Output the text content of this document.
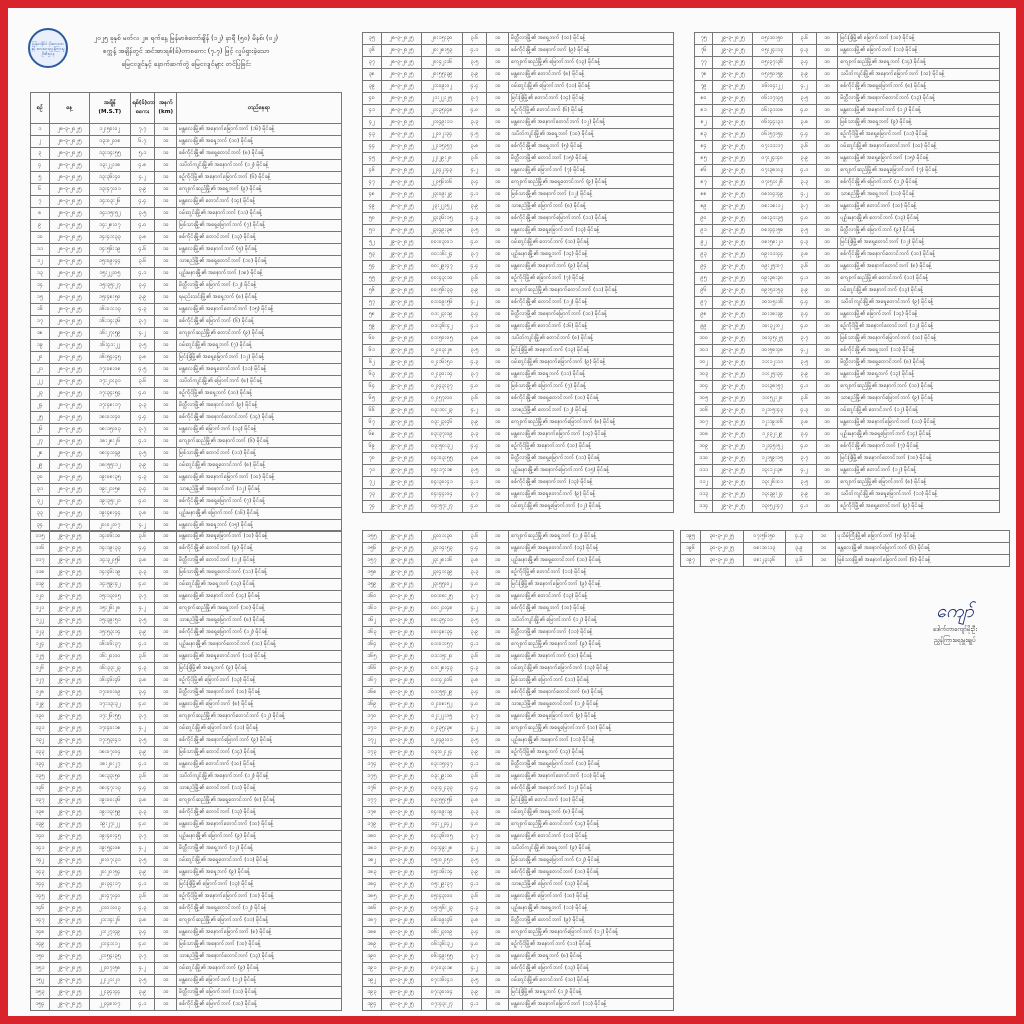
မြန်မာနိုင်ငံ မိုးလေဝသနှင့် ဇလဗေဒညွှန်ကြားမှုဦးစီးဌာန
၂၀၂၅ ခုနှစ် မတ်လ ၂၈ ရက်နေ့ မြန်မာစံတော်ချိန် (၁၂) နာရီ (၅၀) မိနစ်၊ (၀၂)
စက္ကန့် အချိန်တွင် အင်အားရစ်(ခ်)တာစကေး (၇.၇) ဖြင့် လှုပ်ရှားခဲ့သော
မြေငလျင်နှင့် နောက်ဆက်တွဲ မြေငလျင်များ တင်ပြခြင်း
စဉ်	နေ့	အချိန် (M.S.T)	ရစ်(ခ်)တာ စကေး	အနက် (km)	တည်နေရာ
၁	၂၈-၃-၂၀၂၅	၁၂:၅၀:၀၂	၇.၇	၁၀	မန္တလေးမြို့၏ အနောက်မြောက်ဘက် (၁၆) မိုင်ခန့်
၂	၂၈-၃-၂၀၂၅	၁၃:၀၂:၀၈	၆.၇	၁၀	မန္တလေးမြို့၏ အရှေ့ဘက် (၁၀) မိုင်ခန့်
၃	၂၈-၃-၂၀၂၅	၁၃:၁၄:၅၅	၅.၁	၁၀	စစ်ကိုင်းမြို့၏ အရှေ့တောင်ဘက် (၈) မိုင်ခန့်
၄	၂၈-၃-၂၀၂၅	၁၃:၂၂:၁၈	၄.၈	၁၀	သပိတ်ကျင်းမြို့၏ အနောက်ဘက် (၁၂) မိုင်ခန့်
၅	၂၈-၃-၂၀၂၅	၁၃:၃၆:၄၀	၄.၂	၁၀	စဉ့်ကိုင်မြို့၏ အနောက်မြောက်ဘက် (၆) မိုင်ခန့်
၆	၂၈-၃-၂၀၂၅	၁၃:၄၇:၀၁	၃.၉	၁၀	ကျောက်ဆည်မြို့၏ အရှေ့ဘက် (၉) မိုင်ခန့်
၇	၂၈-၃-၂၀၂၅	၁၄:၀၃:၂၆	၄.၄	၁၀	မန္တလေးမြို့၏ တောင်ဘက် (၁၄) မိုင်ခန့်
၈	၂၈-၃-၂၀၂၅	၁၄:၁၅:၅၂	၃.၅	၁၀	ဝမ်းတွင်းမြို့၏ အနောက်ဘက် (၁၁) မိုင်ခန့်
၉	၂၈-၃-၂၀၂၅	၁၄:၂၈:၀၇	၄.၀	၁၀	မြစ်သားမြို့၏ အရှေ့မြောက်ဘက် (၇) မိုင်ခန့်
၁၀	၂၈-၃-၂၀၂၅	၁၄:၄၁:၃၃	၃.၈	၁၀	စစ်ကိုင်းမြို့၏ တောင်ဘက် (၁၃) မိုင်ခန့်
၁၁	၂၈-၃-၂၀၂၅	၁၄:၅၆:၁၉	၄.၆	၁၀	မန္တလေးမြို့၏ အနောက်ဘက် (၅) မိုင်ခန့်
၁၂	၂၈-၃-၂၀၂၅	၁၅:၀၉:၄၄	၃.၆	၁၀	သာစည်မြို့၏ အရှေ့တောင်ဘက် (၁၀) မိုင်ခန့်
၁၃	၂၈-၃-၂၀၂၅	၁၅:၂၂:၀၅	၄.၁	၁၀	ပျဉ်းမနားမြို့၏ အနောက်ဘက် (၁၈) မိုင်ခန့်
၁၄	၂၈-၃-၂၀၂၅	၁၅:၃၅:၂၇	၃.၄	၁၀	မိတ္ထီလာမြို့၏ မြောက်ဘက် (၁၂) မိုင်ခန့်
၁၅	၂၈-၃-၂၀၂၅	၁၅:၄၈:၅၀	၃.၉	၁၀	ရမည်းသင်းမြို့၏ အရှေ့ဘက် (၈) မိုင်ခန့်
၁၆	၂၈-၃-၂၀၂၅	၁၆:၀၁:၁၃	၄.၃	၁၀	မန္တလေးမြို့၏ အနောက်တောင်ဘက် (၁၅) မိုင်ခန့်
၁၇	၂၈-၃-၂၀၂၅	၁၆:၁၄:၃၆	၃.၇	၁၀	စစ်ကိုင်းမြို့၏ မြောက်ဘက် (၆) မိုင်ခန့်
၁၈	၂၈-၃-၂၀၂၅	၁၆:၂၇:၅၉	၄.၂	၁၀	ကျောက်ဆည်မြို့၏ တောင်ဘက် (၉) မိုင်ခန့်
၁၉	၂၈-၃-၂၀၂၅	၁၆:၄၁:၂၂	၃.၅	၁၀	ဝမ်းတွင်းမြို့၏ အရှေ့ဘက် (၇) မိုင်ခန့်
၂၀	၂၈-၃-၂၀၂၅	၁၆:၅၄:၄၅	၃.၈	၁၀	မြင်းခြံမြို့၏ အရှေ့မြောက်ဘက် (၁၂) မိုင်ခန့်
၂၁	၂၈-၃-၂၀၂၅	၁၇:၀၈:၀၈	၄.၅	၁၀	မန္တလေးမြို့၏ အရှေ့တောင်ဘက် (၁၁) မိုင်ခန့်
၂၂	၂၈-၃-၂၀၂၅	၁၇:၂၁:၃၁	၃.၆	၁၀	သပိတ်ကျင်းမြို့၏ မြောက်ဘက် (၈) မိုင်ခန့်
၂၃	၂၈-၃-၂၀၂၅	၁၇:၃၄:၅၄	၄.၀	၁၀	စဉ့်ကိုင်မြို့၏ အရှေ့ဘက် (၁၀) မိုင်ခန့်
၂၄	၂၈-၃-၂၀၂၅	၁၇:၄၈:၁၇	၃.၃	၁၀	မိတ္ထီလာမြို့၏ အနောက်ဘက် (၉) မိုင်ခန့်
၂၅	၂၈-၃-၂၀၂၅	၁၈:၀၁:၄၀	၄.၄	၁၀	စစ်ကိုင်းမြို့၏ အနောက်တောင်ဘက် (၁၄) မိုင်ခန့်
၂၆	၂၈-၃-၂၀၂၅	၁၈:၁၅:၀၃	၃.၇	၁၀	မန္တလေးမြို့၏ မြောက်ဘက် (၁၃) မိုင်ခန့်
၂၇	၂၈-၃-၂၀၂၅	၁၈:၂၈:၂၆	၄.၁	၁၀	ကျောက်ဆည်မြို့၏ အနောက်ဘက် (၆) မိုင်ခန့်
၂၈	၂၈-၃-၂၀၂၅	၁၈:၄၁:၄၉	၃.၅	၁၀	မြစ်သားမြို့၏ တောင်ဘက် (၁၁) မိုင်ခန့်
၂၉	၂၈-၃-၂၀၂၅	၁၈:၅၅:၁၂	၃.၉	၁၀	ဝမ်းတွင်းမြို့၏ အရှေ့တောင်ဘက် (၈) မိုင်ခန့်
၃၀	၂၈-၃-၂၀၂၅	၁၉:၀၈:၃၅	၄.၃	၁၀	မန္တလေးမြို့၏ အနောက်မြောက်ဘက် (၁၀) မိုင်ခန့်
၃၁	၂၈-၃-၂၀၂၅	၁၉:၂၁:၅၈	၃.၄	၁၀	သာစည်မြို့၏ အနောက်ဘက် (၁၂) မိုင်ခန့်
၃၂	၂၈-၃-၂၀၂၅	၁၉:၃၅:၂၁	၄.၀	၁၀	စစ်ကိုင်းမြို့၏ အရှေ့မြောက်ဘက် (၇) မိုင်ခန့်
၃၃	၂၈-၃-၂၀၂၅	၁၉:၄၈:၄၄	၃.၈	၁၀	ပျဉ်းမနားမြို့၏ မြောက်ဘက် (၁၆) မိုင်ခန့်
၃၄	၂၈-၃-၂၀၂၅	၂၀:၀၂:၀၇	၄.၂	၁၀	မန္တလေးမြို့၏ အရှေ့ဘက် (၁၅) မိုင်ခန့်
၃၅	၂၈-၃-၂၀၂၅	၂၀:၁၅:၃၀	၃.၆	၁၀	မိတ္ထီလာမြို့၏ အရှေ့ဘက် (၁၀) မိုင်ခန့်
၃၆	၂၈-၃-၂၀၂၅	၂၀:၂၈:၅၃	၄.၁	၁၀	စစ်ကိုင်းမြို့၏ အနောက်ဘက် (၉) မိုင်ခန့်
၃၇	၂၈-၃-၂၀၂၅	၂၀:၄၂:၁၆	၃.၅	၁၀	ကျောက်ဆည်မြို့၏ မြောက်ဘက် (၁၃) မိုင်ခန့်
၃၈	၂၈-၃-၂၀၂၅	၂၀:၅၅:၃၉	၃.၉	၁၀	မန္တလေးမြို့၏ တောင်ဘက် (၈) မိုင်ခန့်
၃၉	၂၈-၃-၂၀၂၅	၂၁:၀၉:၀၂	၄.၄	၁၀	ဝမ်းတွင်းမြို့၏ မြောက်ဘက် (၁၁) မိုင်ခန့်
၄၀	၂၈-၃-၂၀၂၅	၂၁:၂၂:၂၅	၃.၇	၁၀	မြင်းခြံမြို့၏ တောင်ဘက် (၁၄) မိုင်ခန့်
၄၁	၂၈-၃-၂၀၂၅	၂၁:၃၅:၄၈	၄.၀	၁၀	စဉ့်ကိုင်မြို့၏ တောင်ဘက် (၆) မိုင်ခန့်
၄၂	၂၈-၃-၂၀၂၅	၂၁:၄၉:၁၁	၃.၃	၁၀	မန္တလေးမြို့၏ အနောက်တောင်ဘက် (၁၂) မိုင်ခန့်
၄၃	၂၈-၃-၂၀၂၅	၂၂:၀၂:၃၄	၄.၅	၁၀	သပိတ်ကျင်းမြို့၏ အရှေ့ဘက် (၁၀) မိုင်ခန့်
၄၄	၂၈-၃-၂၀၂၅	၂၂:၁၅:၅၇	၃.၈	၁၀	စစ်ကိုင်းမြို့၏ အရှေ့ဘက် (၅) မိုင်ခန့်
၄၅	၂၈-၃-၂၀၂၅	၂၂:၂၉:၂၀	၃.၆	၁၀	မိတ္ထီလာမြို့၏ တောင်ဘက် (၁၅) မိုင်ခန့်
၄၆	၂၈-၃-၂၀၂၅	၂၂:၄၂:၄၃	၄.၂	၁၀	မန္တလေးမြို့၏ မြောက်ဘက် (၇) မိုင်ခန့်
၄၇	၂၈-၃-၂၀၂၅	၂၂:၅၆:၀၆	၃.၄	၁၀	ကျောက်ဆည်မြို့၏ အရှေ့တောင်ဘက် (၉) မိုင်ခန့်
၄၈	၂၈-၃-၂၀၂၅	၂၃:၀၉:၂၉	၄.၁	၁၀	မြစ်သားမြို့၏ အနောက်ဘက် (၁၂) မိုင်ခန့်
၄၉	၂၈-၃-၂၀၂၅	၂၃:၂၂:၅၂	၃.၉	၁၀	သာစည်မြို့၏ မြောက်ဘက် (၈) မိုင်ခန့်
၅၀	၂၈-၃-၂၀၂၅	၂၃:၃၆:၁၅	၄.၃	၁၀	စစ်ကိုင်းမြို့၏ အနောက်မြောက်ဘက် (၁၁) မိုင်ခန့်
၅၁	၂၈-၃-၂၀၂၅	၂၃:၄၉:၃၈	၃.၅	၁၀	မန္တလေးမြို့၏ အရှေ့မြောက်ဘက် (၁၃) မိုင်ခန့်
၅၂	၂၉-၃-၂၀၂၅	၀၀:၀၃:၀၁	၄.၀	၁၀	ဝမ်းတွင်းမြို့၏ တောင်ဘက် (၁၀) မိုင်ခန့်
၅၃	၂၉-၃-၂၀၂၅	၀၀:၁၆:၂၄	၃.၇	၁၀	ပျဉ်းမနားမြို့၏ အရှေ့ဘက် (၁၄) မိုင်ခန့်
၅၄	၂၉-၃-၂၀၂၅	၀၀:၂၉:၄၇	၄.၄	၁၀	မန္တလေးမြို့၏ အနောက်ဘက် (၉) မိုင်ခန့်
၅၅	၂၉-၃-၂၀၂၅	၀၀:၄၃:၁၀	၃.၆	၁၀	စဉ့်ကိုင်မြို့၏ မြောက်ဘက် (၇) မိုင်ခန့်
၅၆	၂၉-၃-၂၀၂၅	၀၀:၅၆:၃၃	၃.၉	၁၀	ကျောက်ဆည်မြို့၏ အနောက်တောင်ဘက် (၁၁) မိုင်ခန့်
၅၇	၂၉-၃-၂၀၂၅	၀၁:၀၉:၅၆	၄.၂	၁၀	စစ်ကိုင်းမြို့၏ တောင်ဘက် (၁၂) မိုင်ခန့်
၅၈	၂၉-၃-၂၀၂၅	၀၁:၂၃:၁၉	၃.၄	၁၀	မိတ္ထီလာမြို့၏ အနောက်မြောက်ဘက် (၁၀) မိုင်ခန့်
၅၉	၂၉-၃-၂၀၂၅	၀၁:၃၆:၄၂	၄.၁	၁၀	မန္တလေးမြို့၏ တောင်ဘက် (၁၆) မိုင်ခန့်
၆၀	၂၉-၃-၂၀၂၅	၀၁:၅၀:၀၅	၃.၈	၁၀	သပိတ်ကျင်းမြို့၏ တောင်ဘက် (၈) မိုင်ခန့်
၆၁	၂၉-၃-၂၀၂၅	၀၂:၀၃:၂၈	၃.၅	၁၀	မြင်းခြံမြို့၏ အနောက်ဘက် (၁၃) မိုင်ခန့်
၆၂	၂၉-၃-၂၀၂၅	၀၂:၁၆:၅၁	၄.၃	၁၀	ဝမ်းတွင်းမြို့၏ အနောက်မြောက်ဘက် (၉) မိုင်ခန့်
၆၃	၂၉-၃-၂၀၂၅	၀၂:၃၀:၁၄	၃.၇	၁၀	မန္တလေးမြို့၏ အရှေ့ဘက် (၁၁) မိုင်ခန့်
၆၄	၂၉-၃-၂၀၂၅	၀၂:၄၃:၃၇	၄.၀	၁၀	မြစ်သားမြို့၏ မြောက်ဘက် (၇) မိုင်ခန့်
၆၅	၂၉-၃-၂၀၂၅	၀၂:၅၇:၀၀	၃.၆	၁၀	စစ်ကိုင်းမြို့၏ အရှေ့တောင်ဘက် (၁၀) မိုင်ခန့်
၆၆	၂၉-၃-၂၀၂၅	၀၃:၁၀:၂၃	၄.၂	၁၀	သာစည်မြို့၏ တောင်ဘက် (၁၂) မိုင်ခန့်
၆၇	၂၉-၃-၂၀၂၅	၀၃:၂၃:၄၆	၃.၉	၁၀	ကျောက်ဆည်မြို့၏ အနောက်မြောက်ဘက် (၈) မိုင်ခန့်
၆၈	၂၉-၃-၂၀၂၅	၀၃:၃၇:၀၉	၃.၃	၁၀	မန္တလေးမြို့၏ အနောက်မြောက်ဘက် (၁၄) မိုင်ခန့်
၆၉	၂၉-၃-၂၀၂၅	၀၃:၅၀:၃၂	၄.၄	၁၀	စဉ့်ကိုင်မြို့၏ အနောက်ဘက် (၁၀) မိုင်ခန့်
၇၀	၂၉-၃-၂၀၂၅	၀၄:၀၃:၅၅	၃.၈	၁၀	မိတ္ထီလာမြို့၏ အရှေ့မြောက်ဘက် (၁၁) မိုင်ခန့်
၇၁	၂၉-၃-၂၀၂၅	၀၄:၁၇:၁၈	၃.၅	၁၀	ပျဉ်းမနားမြို့၏ အနောက်မြောက်ဘက် (၁၅) မိုင်ခန့်
၇၂	၂၉-၃-၂၀၂၅	၀၄:၃၀:၄၁	၄.၁	၁၀	စစ်ကိုင်းမြို့၏ အနောက်ဘက် (၁၃) မိုင်ခန့်
၇၃	၂၉-၃-၂၀၂၅	၀၄:၄၄:၀၄	၃.၇	၁၀	မန္တလေးမြို့၏ အရှေ့တောင်ဘက် (၉) မိုင်ခန့်
၇၄	၂၉-၃-၂၀၂၅	၀၄:၅၇:၂၇	၄.၀	၁၀	ဝမ်းတွင်းမြို့၏ အရှေ့မြောက်ဘက် (၁၂) မိုင်ခန့်
၇၅	၂၉-၃-၂၀၂၅	၀၅:၁၀:၅၀	၃.၆	၁၀	မြင်းခြံမြို့၏ မြောက်ဘက် (၁၀) မိုင်ခန့်
၇၆	၂၉-၃-၂၀၂၅	၀၅:၂၄:၁၃	၄.၃	၁၀	မန္တလေးမြို့၏ မြောက်ဘက် (၁၁) မိုင်ခန့်
၇၇	၂၉-၃-၂၀၂၅	၀၅:၃၇:၃၆	၃.၄	၁၀	ကျောက်ဆည်မြို့၏ အရှေ့ဘက် (၁၄) မိုင်ခန့်
၇၈	၂၉-၃-၂၀၂၅	၀၅:၅၀:၅၉	၃.၉	၁၀	သပိတ်ကျင်းမြို့၏ အနောက်မြောက်ဘက် (၁၀) မိုင်ခန့်
၇၉	၂၉-၃-၂၀၂၅	၀၆:၀၄:၂၂	၄.၂	၁၀	စစ်ကိုင်းမြို့၏ အရှေ့မြောက်ဘက် (၈) မိုင်ခန့်
၈၀	၂၉-၃-၂၀၂၅	၀၆:၁၇:၄၅	၃.၅	၁၀	မိတ္ထီလာမြို့၏ အနောက်တောင်ဘက် (၁၃) မိုင်ခန့်
၈၁	၂၉-၃-၂၀၂၅	၀၆:၃၁:၀၈	၄.၀	၁၀	မန္တလေးမြို့၏ အနောက်ဘက် (၁၂) မိုင်ခန့်
၈၂	၂၉-၃-၂၀၂၅	၀၆:၄၄:၃၁	၃.၈	၁၀	မြစ်သားမြို့၏ အရှေ့ဘက် (၉) မိုင်ခန့်
၈၃	၂၉-၃-၂၀၂၅	၀၆:၅၇:၅၄	၄.၄	၁၀	စဉ့်ကိုင်မြို့၏ အရှေ့မြောက်ဘက် (၁၁) မိုင်ခန့်
၈၄	၂၉-၃-၂၀၂၅	၀၇:၁၁:၁၇	၃.၆	၁၀	ဝမ်းတွင်းမြို့၏ အနောက်တောင်ဘက် (၁၀) မိုင်ခန့်
၈၅	၂၉-၃-၂၀၂၅	၀၇:၂၄:၄၀	၃.၉	၁၀	မန္တလေးမြို့၏ အရှေ့မြောက်ဘက် (၁၅) မိုင်ခန့်
၈၆	၂၉-၃-၂၀၂၅	၀၇:၃၈:၀၃	၄.၁	၁၀	ကျောက်ဆည်မြို့၏ အရှေ့မြောက်ဘက် (၇) မိုင်ခန့်
၈၇	၂၉-၃-၂၀၂၅	၀၇:၅၁:၂၆	၃.၃	၁၀	စစ်ကိုင်းမြို့၏ မြောက်ဘက် (၁၂) မိုင်ခန့်
၈၈	၂၉-၃-၂၀၂၅	၀၈:၀၄:၄၉	၄.၂	၁၀	သာစည်မြို့၏ အရှေ့ဘက် (၁၁) မိုင်ခန့်
၈၉	၂၉-၃-၂၀၂၅	၀၈:၁၈:၁၂	၃.၇	၁၀	မန္တလေးမြို့၏ တောင်ဘက် (၁၀) မိုင်ခန့်
၉၀	၂၉-၃-၂၀၂၅	၀၈:၃၁:၃၅	၄.၀	၁၀	ပျဉ်းမနားမြို့၏ တောင်ဘက် (၁၃) မိုင်ခန့်
၉၁	၂၉-၃-၂၀၂၅	၀၈:၄၄:၅၈	၃.၅	၁၀	မိတ္ထီလာမြို့၏ မြောက်ဘက် (၉) မိုင်ခန့်
၉၂	၂၉-၃-၂၀၂၅	၀၈:၅၈:၂၁	၄.၃	၁၀	မြင်းခြံမြို့၏ အရှေ့တောင်ဘက် (၁၂) မိုင်ခန့်
၉၃	၂၉-၃-၂၀၂၅	၀၉:၁၁:၄၄	၃.၈	၁၀	စစ်ကိုင်းမြို့၏ အနောက်တောင်ဘက် (၁၀) မိုင်ခန့်
၉၄	၂၉-၃-၂၀၂၅	၀၉:၂၅:၀၇	၃.၆	၁၀	မန္တလေးမြို့၏ အနောက်တောင်ဘက် (၈) မိုင်ခန့်
၉၅	၂၉-၃-၂၀၂၅	၀၉:၃၈:၃၀	၄.၁	၁၀	ကျောက်ဆည်မြို့၏ တောင်ဘက် (၁၁) မိုင်ခန့်
၉၆	၂၉-၃-၂၀၂၅	၀၉:၅၁:၅၃	၃.၉	၁၀	ဝမ်းတွင်းမြို့၏ အနောက်ဘက် (၁၃) မိုင်ခန့်
၉၇	၂၉-၃-၂၀၂၅	၁၀:၀၅:၁၆	၄.၄	၁၀	သပိတ်ကျင်းမြို့၏ အရှေ့တောင်ဘက် (၉) မိုင်ခန့်
၉၈	၂၉-၃-၂၀၂၅	၁၀:၁၈:၃၉	၃.၄	၁၀	မန္တလေးမြို့၏ မြောက်ဘက် (၁၄) မိုင်ခန့်
၉၉	၂၉-၃-၂၀၂၅	၁၀:၃၂:၀၂	၄.၀	၁၀	စဉ့်ကိုင်မြို့၏ အနောက်တောင်ဘက် (၁၂) မိုင်ခန့်
၁၀၀	၂၉-၃-၂၀၂၅	၁၀:၄၅:၂၅	၃.၇	၁၀	မြစ်သားမြို့၏ အနောက်မြောက်ဘက် (၁၀) မိုင်ခန့်
၁၀၁	၂၉-၃-၂၀၂၅	၁၀:၅၈:၄၈	၄.၂	၁၀	စစ်ကိုင်းမြို့၏ အရှေ့ဘက် (၁၁) မိုင်ခန့်
၁၀၂	၂၉-၃-၂၀၂၅	၁၁:၁၂:၁၁	၃.၅	၁၀	မိတ္ထီလာမြို့၏ အရှေ့တောင်ဘက် (၈) မိုင်ခန့်
၁၀၃	၂၉-၃-၂၀၂၅	၁၁:၂၅:၃၄	၃.၉	၁၀	မန္တလေးမြို့၏ အရှေ့ဘက် (၁၃) မိုင်ခန့်
၁၀၄	၂၉-၃-၂၀၂၅	၁၁:၃၈:၅၇	၄.၁	၁၀	ကျောက်ဆည်မြို့၏ အနောက်ဘက် (၁၀) မိုင်ခန့်
၁၀၅	၂၉-၃-၂၀၂၅	၁၁:၅၂:၂၀	၃.၆	၁၀	သာစည်မြို့၏ အနောက်မြောက်ဘက် (၉) မိုင်ခန့်
၁၀၆	၂၉-၃-၂၀၂၅	၁၂:၀၅:၄၃	၄.၃	၁၀	ဝမ်းတွင်းမြို့၏ တောင်ဘက် (၁၂) မိုင်ခန့်
၁၀၇	၂၉-၃-၂၀၂၅	၁၂:၁၉:၀၆	၃.၈	၁၀	မန္တလေးမြို့၏ အနောက်မြောက်ဘက် (၁၁) မိုင်ခန့်
၁၀၈	၂၉-၃-၂၀၂၅	၁၂:၃၂:၂၉	၃.၄	၁၀	ပျဉ်းမနားမြို့၏ အရှေ့မြောက်ဘက် (၁၄) မိုင်ခန့်
၁၀၉	၂၉-၃-၂၀၂၅	၁၂:၄၅:၅၂	၄.၀	၁၀	စစ်ကိုင်းမြို့၏ အနောက်ဘက် (၇) မိုင်ခန့်
၁၁၀	၂၉-၃-၂၀၂၅	၁၂:၅၉:၁၅	၃.၇	၁၀	မြင်းခြံမြို့၏ အနောက်တောင်ဘက် (၁၀) မိုင်ခန့်
၁၁၁	၂၉-၃-၂၀၂၅	၁၃:၁၂:၃၈	၄.၂	၁၀	မန္တလေးမြို့၏ တောင်ဘက် (၁၂) မိုင်ခန့်
၁၁၂	၂၉-၃-၂၀၂၅	၁၃:၂၆:၀၁	၃.၅	၁၀	ကျောက်ဆည်မြို့၏ မြောက်ဘက် (၈) မိုင်ခန့်
၁၁၃	၂၉-၃-၂၀၂၅	၁၃:၃၉:၂၄	၃.၉	၁၀	သပိတ်ကျင်းမြို့၏ အရှေ့မြောက်ဘက် (၁၁) မိုင်ခန့်
၁၁၄	၂၉-၃-၂၀၂၅	၁၃:၅၂:၄၇	၄.၁	၁၀	စဉ့်ကိုင်မြို့၏ အရှေ့တောင်ဘက် (၉) မိုင်ခန့်
၁၁၅	၂၉-၃-၂၀၂၅	၁၄:၀၆:၁၀	၃.၆	၁၀	မန္တလေးမြို့၏ အရှေ့မြောက်ဘက် (၁၀) မိုင်ခန့်
၁၁၆	၂၉-၃-၂၀၂၅	၁၄:၁၉:၃၃	၄.၄	၁၀	စစ်ကိုင်းမြို့၏ တောင်ဘက် (၉) မိုင်ခန့်
၁၁၇	၂၉-၃-၂၀၂၅	၁၄:၃၂:၅၆	၃.၈	၁၀	မိတ္ထီလာမြို့၏ တောင်ဘက် (၁၂) မိုင်ခန့်
၁၁၈	၂၉-၃-၂၀၂၅	၁၄:၄၆:၁၉	၃.၃	၁၀	မြစ်သားမြို့၏ အရှေ့တောင်ဘက် (၁၁) မိုင်ခန့်
၁၁၉	၂၉-၃-၂၀၂၅	၁၄:၅၉:၄၂	၄.၀	၁၀	ဝမ်းတွင်းမြို့၏ အရှေ့ဘက် (၁၃) မိုင်ခန့်
၁၂၀	၂၉-၃-၂၀၂၅	၁၅:၁၃:၀၅	၃.၇	၁၀	မန္တလေးမြို့၏ အနောက်ဘက် (၁၄) မိုင်ခန့်
၁၂၁	၂၉-၃-၂၀၂၅	၁၅:၂၆:၂၈	၄.၂	၁၀	ကျောက်ဆည်မြို့၏ အရှေ့ဘက် (၁၀) မိုင်ခန့်
၁၂၂	၂၉-၃-၂၀၂၅	၁၅:၃၉:၅၁	၃.၅	၁၀	သာစည်မြို့၏ အရှေ့မြောက်ဘက် (၈) မိုင်ခန့်
၁၂၃	၂၉-၃-၂၀၂၅	၁၅:၅၃:၁၄	၃.၉	၁၀	စစ်ကိုင်းမြို့၏ အရှေ့မြောက်ဘက် (၁၂) မိုင်ခန့်
၁၂၄	၂၉-၃-၂၀၂၅	၁၆:၀၆:၃၇	၄.၁	၁၀	ပျဉ်းမနားမြို့၏ အနောက်တောင်ဘက် (၁၀) မိုင်ခန့်
၁၂၅	၂၉-၃-၂၀၂၅	၁၆:၂၀:၀၀	၃.၆	၁၀	မန္တလေးမြို့၏ အရှေ့တောင်ဘက် (၁၁) မိုင်ခန့်
၁၂၆	၂၉-၃-၂၀၂၅	၁၆:၃၃:၂၃	၄.၃	၁၀	မြင်းခြံမြို့၏ အရှေ့ဘက် (၉) မိုင်ခန့်
၁၂၇	၂၉-၃-၂၀၂၅	၁၆:၄၆:၄၆	၃.၈	၁၀	စဉ့်ကိုင်မြို့၏ မြောက်ဘက် (၁၃) မိုင်ခန့်
၁၂၈	၂၉-၃-၂၀၂၅	၁၇:၀၀:၀၉	၃.၄	၁၀	မိတ္ထီလာမြို့၏ အနောက်ဘက် (၁၀) မိုင်ခန့်
၁၂၉	၂၉-၃-၂၀၂၅	၁၇:၁၃:၃၂	၄.၀	၁၀	မန္တလေးမြို့၏ မြောက်ဘက် (၈) မိုင်ခန့်
၁၃၀	၂၉-၃-၂၀၂၅	၁၇:၂၆:၅၅	၃.၇	၁၀	ကျောက်ဆည်မြို့၏ အနောက်တောင်ဘက် (၁၂) မိုင်ခန့်
၁၃၁	၂၉-၃-၂၀၂၅	၁၇:၄၀:၁၈	၄.၂	၁၀	ဝမ်းတွင်းမြို့၏ မြောက်ဘက် (၁၁) မိုင်ခန့်
၁၃၂	၂၉-၃-၂၀၂၅	၁၇:၅၃:၄၁	၃.၅	၁၀	စစ်ကိုင်းမြို့၏ အနောက်မြောက်ဘက် (၉) မိုင်ခန့်
၁၃၃	၂၉-၃-၂၀၂၅	၁၈:၀၇:၀၄	၃.၉	၁၀	မြစ်သားမြို့၏ တောင်ဘက် (၁၄) မိုင်ခန့်
၁၃၄	၂၉-၃-၂၀၂၅	၁၈:၂၀:၂၇	၄.၁	၁၀	မန္တလေးမြို့၏ တောင်ဘက် (၁၀) မိုင်ခန့်
၁၃၅	၂၉-၃-၂၀၂၅	၁၈:၃၃:၅၀	၃.၆	၁၀	သပိတ်ကျင်းမြို့၏ အနောက်ဘက် (၁၂) မိုင်ခန့်
၁၃၆	၂၉-၃-၂၀၂၅	၁၈:၄၇:၁၃	၄.၄	၁၀	သာစည်မြို့၏ တောင်ဘက် (၁၁) မိုင်ခန့်
၁၃၇	၂၉-၃-၂၀၂၅	၁၉:၀၀:၃၆	၃.၈	၁၀	ကျောက်ဆည်မြို့၏ အရှေ့တောင်ဘက် (၈) မိုင်ခန့်
၁၃၈	၂၉-၃-၂၀၂၅	၁၉:၁၃:၅၉	၃.၃	၁၀	စစ်ကိုင်းမြို့၏ တောင်ဘက် (၁၃) မိုင်ခန့်
၁၃၉	၂၉-၃-၂၀၂၅	၁၉:၂၇:၂၂	၄.၀	၁၀	မန္တလေးမြို့၏ အနောက်တောင်ဘက် (၁၀) မိုင်ခန့်
၁၄၀	၂၉-၃-၂၀၂၅	၁၉:၄၀:၄၅	၃.၇	၁၀	ပျဉ်းမနားမြို့၏ မြောက်ဘက် (၉) မိုင်ခန့်
၁၄၁	၂၉-၃-၂၀၂၅	၁၉:၅၄:၀၈	၄.၂	၁၀	မိတ္ထီလာမြို့၏ အရှေ့ဘက် (၁၂) မိုင်ခန့်
၁၄၂	၂၉-၃-၂၀၂၅	၂၀:၀၇:၃၁	၃.၅	၁၀	ဝမ်းတွင်းမြို့၏ အရှေ့တောင်ဘက် (၁၁) မိုင်ခန့်
၁၄၃	၂၉-၃-၂၀၂၅	၂၀:၂၀:၅၄	၃.၉	၁၀	မန္တလေးမြို့၏ အရှေ့ဘက် (၉) မိုင်ခန့်
၁၄၄	၂၉-၃-၂၀၂၅	၂၀:၃၄:၁၇	၄.၁	၁၀	မြင်းခြံမြို့၏ မြောက်ဘက် (၁၃) မိုင်ခန့်
၁၄၅	၂၉-၃-၂၀၂၅	၂၀:၄၇:၄၀	၃.၆	၁၀	စဉ့်ကိုင်မြို့၏ အနောက်မြောက်ဘက် (၁၀) မိုင်ခန့်
၁၄၆	၂၉-၃-၂၀၂၅	၂၁:၀၁:၀၃	၄.၃	၁၀	စစ်ကိုင်းမြို့၏ အရှေ့တောင်ဘက် (၁၂) မိုင်ခန့်
၁၄၇	၂၉-၃-၂၀၂၅	၂၁:၁၄:၂၆	၃.၈	၁၀	ကျောက်ဆည်မြို့၏ မြောက်ဘက် (၁၁) မိုင်ခန့်
၁၄၈	၂၉-၃-၂၀၂၅	၂၁:၂၇:၄၉	၃.၄	၁၀	မန္တလေးမြို့၏ အနောက်မြောက်ဘက် (၈) မိုင်ခန့်
၁၄၉	၂၉-၃-၂၀၂၅	၂၁:၄၁:၁၂	၄.၀	၁၀	မြစ်သားမြို့၏ အနောက်ဘက် (၁၀) မိုင်ခန့်
၁၅၀	၂၉-၃-၂၀၂၅	၂၁:၅၄:၃၅	၃.၇	၁၀	သာစည်မြို့၏ အနောက်တောင်ဘက် (၁၃) မိုင်ခန့်
၁၅၁	၂၉-၃-၂၀၂၅	၂၂:၀၇:၅၈	၄.၂	၁၀	ဝမ်းတွင်းမြို့၏ အနောက်ဘက် (၉) မိုင်ခန့်
၁၅၂	၂၉-၃-၂၀၂၅	၂၂:၂၁:၂၁	၃.၅	၁၀	မန္တလေးမြို့၏ မြောက်ဘက် (၁၂) မိုင်ခန့်
၁၅၃	၂၉-၃-၂၀၂၅	၂၂:၃၄:၄၄	၃.၉	၁၀	မိတ္ထီလာမြို့၏ မြောက်ဘက် (၁၁) မိုင်ခန့်
၁၅၄	၂၉-၃-၂၀၂၅	၂၂:၄၈:၀၇	၄.၁	၁၀	စစ်ကိုင်းမြို့၏ မြောက်ဘက် (၁၀) မိုင်ခန့်
၁၅၅	၂၉-၃-၂၀၂၅	၂၃:၀၁:၃၀	၃.၆	၁၀	ကျောက်ဆည်မြို့၏ အရှေ့ဘက် (၁၂) မိုင်ခန့်
၁၅၆	၂၉-၃-၂၀၂၅	၂၃:၁၄:၅၃	၄.၄	၁၀	မန္တလေးမြို့၏ အရှေ့တောင်ဘက် (၁၄) မိုင်ခန့်
၁၅၇	၂၉-၃-၂၀၂၅	၂၃:၂၈:၁၆	၃.၈	၁၀	ပျဉ်းမနားမြို့၏ အရှေ့တောင်ဘက် (၁၀) မိုင်ခန့်
၁၅၈	၂၉-၃-၂၀၂၅	၂၃:၄၁:၃၉	၃.၃	၁၀	စဉ့်ကိုင်မြို့၏ တောင်ဘက် (၁၁) မိုင်ခန့်
၁၅၉	၂၉-၃-၂၀၂၅	၂၃:၅၅:၀၂	၄.၀	၁၀	မြင်းခြံမြို့၏ အနောက်မြောက်ဘက် (၉) မိုင်ခန့်
၁၆၀	၃၀-၃-၂၀၂၅	၀၀:၀၈:၂၅	၃.၇	၁၀	မန္တလေးမြို့၏ တောင်ဘက် (၁၃) မိုင်ခန့်
၁၆၁	၃၀-၃-၂၀၂၅	၀၀:၂၁:၄၈	၄.၂	၁၀	စစ်ကိုင်းမြို့၏ အရှေ့ဘက် (၁၀) မိုင်ခန့်
၁၆၂	၃၀-၃-၂၀၂၅	၀၀:၃၅:၁၁	၃.၅	၁၀	သပိတ်ကျင်းမြို့၏ မြောက်ဘက် (၁၂) မိုင်ခန့်
၁၆၃	၃၀-၃-၂၀၂၅	၀၀:၄၈:၃၄	၃.၉	၁၀	မိတ္ထီလာမြို့၏ အနောက်ဘက် (၁၁) မိုင်ခန့်
၁၆၄	၃၀-၃-၂၀၂၅	၀၁:၀၁:၅၇	၄.၁	၁၀	ကျောက်ဆည်မြို့၏ အနောက်ဘက် (၉) မိုင်ခန့်
၁၆၅	၃၀-၃-၂၀၂၅	၀၁:၁၅:၂၀	၃.၆	၁၀	မန္တလေးမြို့၏ အနောက်ဘက် (၁၀) မိုင်ခန့်
၁၆၆	၃၀-၃-၂၀၂၅	၀၁:၂၈:၄၃	၄.၃	၁၀	ဝမ်းတွင်းမြို့၏ အနောက်မြောက်ဘက် (၁၃) မိုင်ခန့်
၁၆၇	၃၀-၃-၂၀၂၅	၀၁:၄၂:၀၆	၃.၈	၁၀	မြစ်သားမြို့၏ မြောက်ဘက် (၁၁) မိုင်ခန့်
၁၆၈	၃၀-၃-၂၀၂၅	၀၁:၅၅:၂၉	၃.၄	၁၀	စစ်ကိုင်းမြို့၏ အနောက်တောင်ဘက် (၈) မိုင်ခန့်
၁၆၉	၃၀-၃-၂၀၂၅	၀၂:၀၈:၅၂	၄.၀	၁၀	သာစည်မြို့၏ အရှေ့တောင်ဘက် (၁၂) မိုင်ခန့်
၁၇၀	၃၀-၃-၂၀၂၅	၀၂:၂၂:၁၅	၃.၇	၁၀	မန္တလေးမြို့၏ အရှေ့မြောက်ဘက် (၉) မိုင်ခန့်
၁၇၁	၃၀-၃-၂၀၂၅	၀၂:၃၅:၃၈	၄.၂	၁၀	ကျောက်ဆည်မြို့၏ အရှေ့မြောက်ဘက် (၁၀) မိုင်ခန့်
၁၇၂	၃၀-၃-၂၀၂၅	၀၂:၄၉:၀၁	၃.၅	၁၀	ပျဉ်းမနားမြို့၏ အနောက်ဘက် (၁၁) မိုင်ခန့်
၁၇၃	၃၀-၃-၂၀၂၅	၀၃:၀၂:၂၄	၃.၉	၁၀	စဉ့်ကိုင်မြို့၏ အရှေ့ဘက် (၁၃) မိုင်ခန့်
၁၇၄	၃၀-၃-၂၀၂၅	၀၃:၁၅:၄၇	၄.၁	၁၀	မိတ္ထီလာမြို့၏ အရှေ့မြောက်ဘက် (၁၀) မိုင်ခန့်
၁၇၅	၃၀-၃-၂၀၂၅	၀၃:၂၉:၁၀	၃.၆	၁၀	မန္တလေးမြို့၏ အနောက်တောင်ဘက် (၁၁) မိုင်ခန့်
၁၇၆	၃၀-၃-၂၀၂၅	၀၃:၄၂:၃၃	၄.၄	၁၀	စစ်ကိုင်းမြို့၏ အနောက်ဘက် (၁၂) မိုင်ခန့်
၁၇၇	၃၀-၃-၂၀၂၅	၀၃:၅၅:၅၆	၃.၈	၁၀	မြင်းခြံမြို့၏ တောင်ဘက် (၁၀) မိုင်ခန့်
၁၇၈	၃၀-၃-၂၀၂၅	၀၄:၀၉:၁၉	၃.၃	၁၀	ဝမ်းတွင်းမြို့၏ အရှေ့ဘက် (၈) မိုင်ခန့်
၁၇၉	၃၀-၃-၂၀၂၅	၀၄:၂၂:၄၂	၄.၀	၁၀	ကျောက်ဆည်မြို့၏ တောင်ဘက် (၁၄) မိုင်ခန့်
၁၈၀	၃၀-၃-၂၀၂၅	၀၄:၃၆:၀၅	၃.၇	၁၀	မန္တလေးမြို့၏ တောင်ဘက် (၁၁) မိုင်ခန့်
၁၈၁	၃၀-၃-၂၀၂၅	၀၄:၄၉:၂၈	၄.၂	၁၀	သပိတ်ကျင်းမြို့၏ အရှေ့ဘက် (၉) မိုင်ခန့်
၁၈၂	၃၀-၃-၂၀၂၅	၀၅:၀၂:၅၁	၃.၅	၁၀	မြစ်သားမြို့၏ အရှေ့မြောက်ဘက် (၁၂) မိုင်ခန့်
၁၈၃	၃၀-၃-၂၀၂၅	၀၅:၁၆:၁၄	၃.၉	၁၀	စစ်ကိုင်းမြို့၏ အရှေ့တောင်ဘက် (၁၀) မိုင်ခန့်
၁၈၄	၃၀-၃-၂၀၂၅	၀၅:၂၉:၃၇	၄.၁	၁၀	သာစည်မြို့၏ မြောက်ဘက် (၁၃) မိုင်ခန့်
၁၈၅	၃၀-၃-၂၀၂၅	၀၅:၄၃:၀၀	၃.၆	၁၀	မန္တလေးမြို့၏ မြောက်ဘက် (၁၀) မိုင်ခန့်
၁၈၆	၃၀-၃-၂၀၂၅	၀၅:၅၆:၂၃	၄.၃	၁၀	ပျဉ်းမနားမြို့၏ အရှေ့ဘက် (၁၁) မိုင်ခန့်
၁၈၇	၃၀-၃-၂၀၂၅	၀၆:၀၉:၄၆	၃.၈	၁၀	မိတ္ထီလာမြို့၏ တောင်ဘက် (၉) မိုင်ခန့်
၁၈၈	၃၀-၃-၂၀၂၅	၀၆:၂၃:၀၉	၃.၄	၁၀	ကျောက်ဆည်မြို့၏ အနောက်မြောက်ဘက် (၁၂) မိုင်ခန့်
၁၈၉	၃၀-၃-၂၀၂၅	၀၆:၃၆:၃၂	၄.၀	၁၀	စဉ့်ကိုင်မြို့၏ အနောက်ဘက် (၁၁) မိုင်ခန့်
၁၉၀	၃၀-၃-၂၀၂၅	၀၆:၄၉:၅၅	၃.၇	၁၀	မန္တလေးမြို့၏ အရှေ့ဘက် (၈) မိုင်ခန့်
၁၉၁	၃၀-၃-၂၀၂၅	၀၇:၀၃:၁၈	၄.၂	၁၀	စစ်ကိုင်းမြို့၏ မြောက်ဘက် (၁၃) မိုင်ခန့်
၁၉၂	၃၀-၃-၂၀၂၅	၀၇:၁၆:၄၁	၃.၅	၁၀	ဝမ်းတွင်းမြို့၏ တောင်ဘက် (၁၀) မိုင်ခန့်
၁၉၃	၃၀-၃-၂၀၂၅	၀၇:၃၀:၀၄	၃.၉	၁၀	မြင်းခြံမြို့၏ အရှေ့ဘက် (၁၂) မိုင်ခန့်
၁၉၄	၃၀-၃-၂၀၂၅	၀၇:၄၃:၂၇	၄.၁	၁၀	မန္တလေးမြို့၏ အနောက်မြောက်ဘက် (၁၁) မိုင်ခန့်
၁၉၅	၃၀-၃-၂၀၂၅	၀၇:၅၆:၅၀	၄.၃	၁၀	ပုသိမ်ကြီးမြို့၏ မြောက်ဘက် (၅) မိုင်ခန့်
၁၉၆	၃၀-၃-၂၀၂၅	၀၈:၁၀:၁၃	၃.၉	၁၀	မန္တလေးမြို့၏ အနောက်မြောက်ဘက် (၆) မိုင်ခန့်
၁၉၇	၃၀-၃-၂၀၂၅	၀၈:၂၃:၃၆	၃.၆	၁၀	မြစ်သားမြို့၏ အနောက်မြောက်ဘက် (၆) မိုင်ခန့်
ကျော်
ဒေါက်တာကျော်မိုးဦး
ညွှန်ကြားရေးမှူးချုပ်
